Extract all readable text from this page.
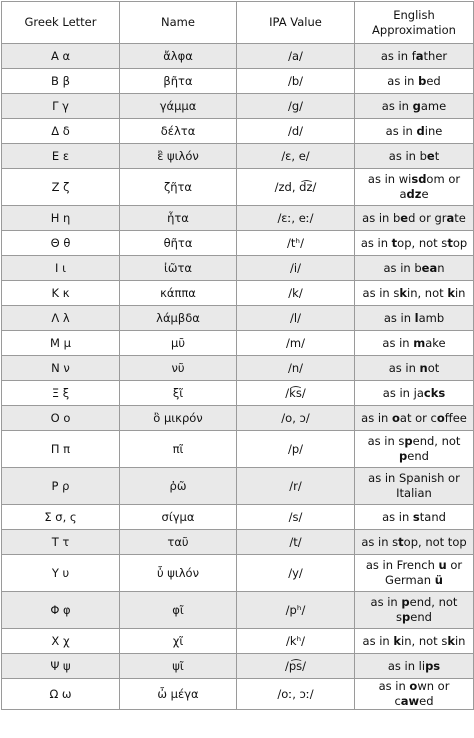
Greek Letter	Name	IPA Value	English Approximation
Α α	ἄλφα	/a/	as in father
Β β	βῆτα	/b/	as in bed
Γ γ	γάμμα	/g/	as in game
Δ δ	δέλτα	/d/	as in dine
Ε ε	ἒ ψιλόν	/ɛ, e/	as in bet
Ζ ζ	ζῆτα	/zd, d͡z/	as in wisdom or adze
Η η	ἦτα	/ɛː, eː/	as in bed or grate
Θ θ	θῆτα	/tʰ/	as in top, not stop
Ι ι	ἰῶτα	/i/	as in bean
Κ κ	κάππα	/k/	as in skin, not kin
Λ λ	λάμβδα	/l/	as in lamb
Μ μ	μῦ	/m/	as in make
Ν ν	νῦ	/n/	as in not
Ξ ξ	ξῖ	/k͡s/	as in jacks
Ο ο	ὂ μικρόν	/o, ɔ/	as in oat or coffee
Π π	πῖ	/p/	as in spend, not pend
Ρ ρ	ῥῶ	/r/	as in Spanish or Italian
Σ σ, ς	σίγμα	/s/	as in stand
Τ τ	ταῦ	/t/	as in stop, not top
Υ υ	ὖ ψιλόν	/y/	as in French u or German ü
Φ φ	φῖ	/pʰ/	as in pend, not spend
Χ χ	χῖ	/kʰ/	as in kin, not skin
Ψ ψ	ψῖ	/p͡s/	as in lips
Ω ω	ὦ μέγα	/oː, ɔː/	as in own or cawed
